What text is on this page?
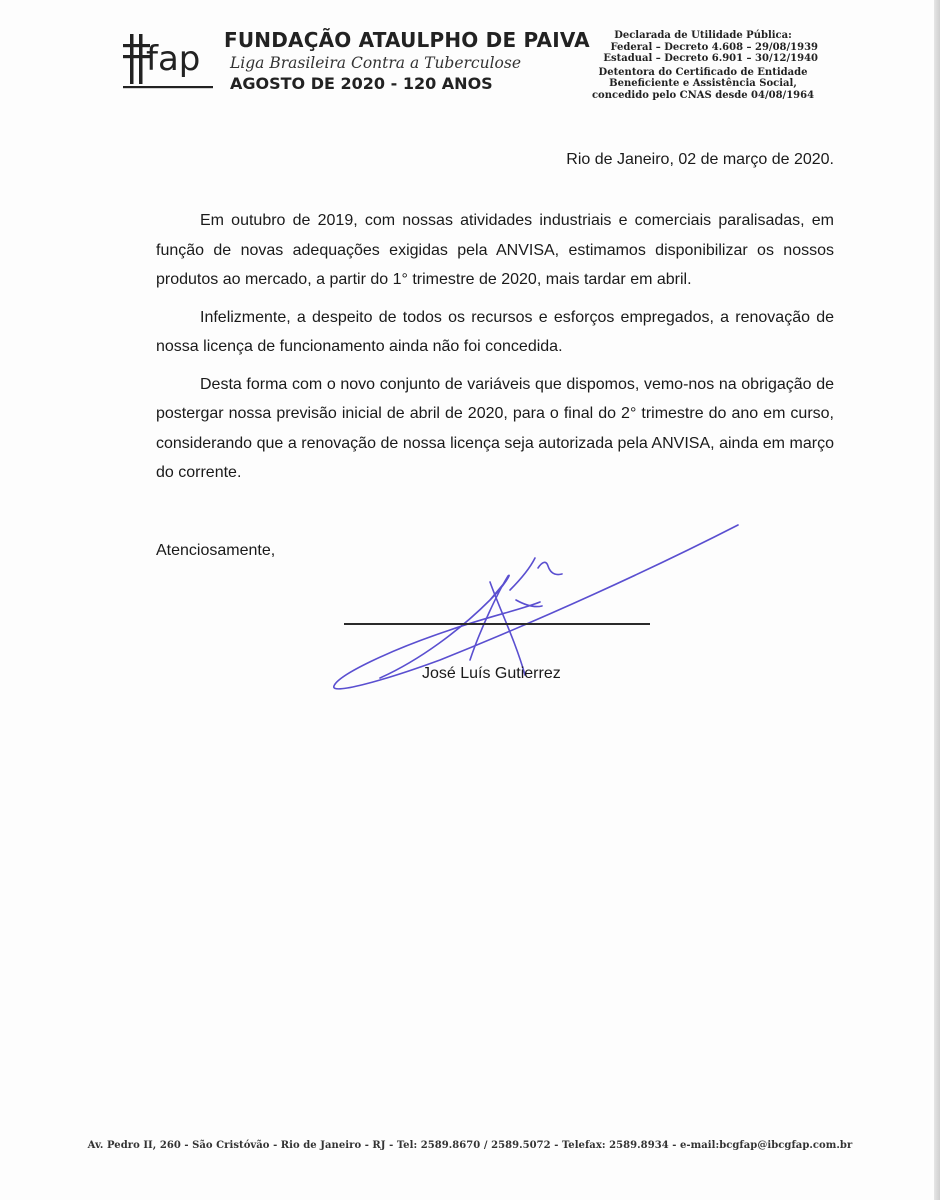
fap FUNDAÇÃO ATAULPHO DE PAIVA
Liga Brasileira Contra a Tuberculose
AGOSTO DE 2020 - 120 ANOS
Declarada de Utilidade Pública:
Federal – Decreto 4.608 – 29/08/1939
Estadual – Decreto 6.901 – 30/12/1940
Detentora do Certificado de Entidade
Beneficiente e Assistência Social,
concedido pelo CNAS desde 04/08/1964
Rio de Janeiro, 02 de março de 2020.

Em outubro de 2019, com nossas atividades industriais e comerciais paralisadas, em função de novas adequações exigidas pela ANVISA, estimamos disponibilizar os nossos produtos ao mercado, a partir do 1° trimestre de 2020, mais tardar em abril.

Infelizmente, a despeito de todos os recursos e esforços empregados, a renovação de nossa licença de funcionamento ainda não foi concedida.

Desta forma com o novo conjunto de variáveis que dispomos, vemo-nos na obrigação de postergar nossa previsão inicial de abril de 2020, para o final do 2° trimestre do ano em curso, considerando que a renovação de nossa licença seja autorizada pela ANVISA, ainda em março do corrente.

Atenciosamente,
José Luís Gutierrez
Av. Pedro II, 260 - São Cristóvão - Rio de Janeiro - RJ - Tel: 2589.8670 / 2589.5072 - Telefax: 2589.8934 - e-mail:bcgfap@ibcgfap.com.br
